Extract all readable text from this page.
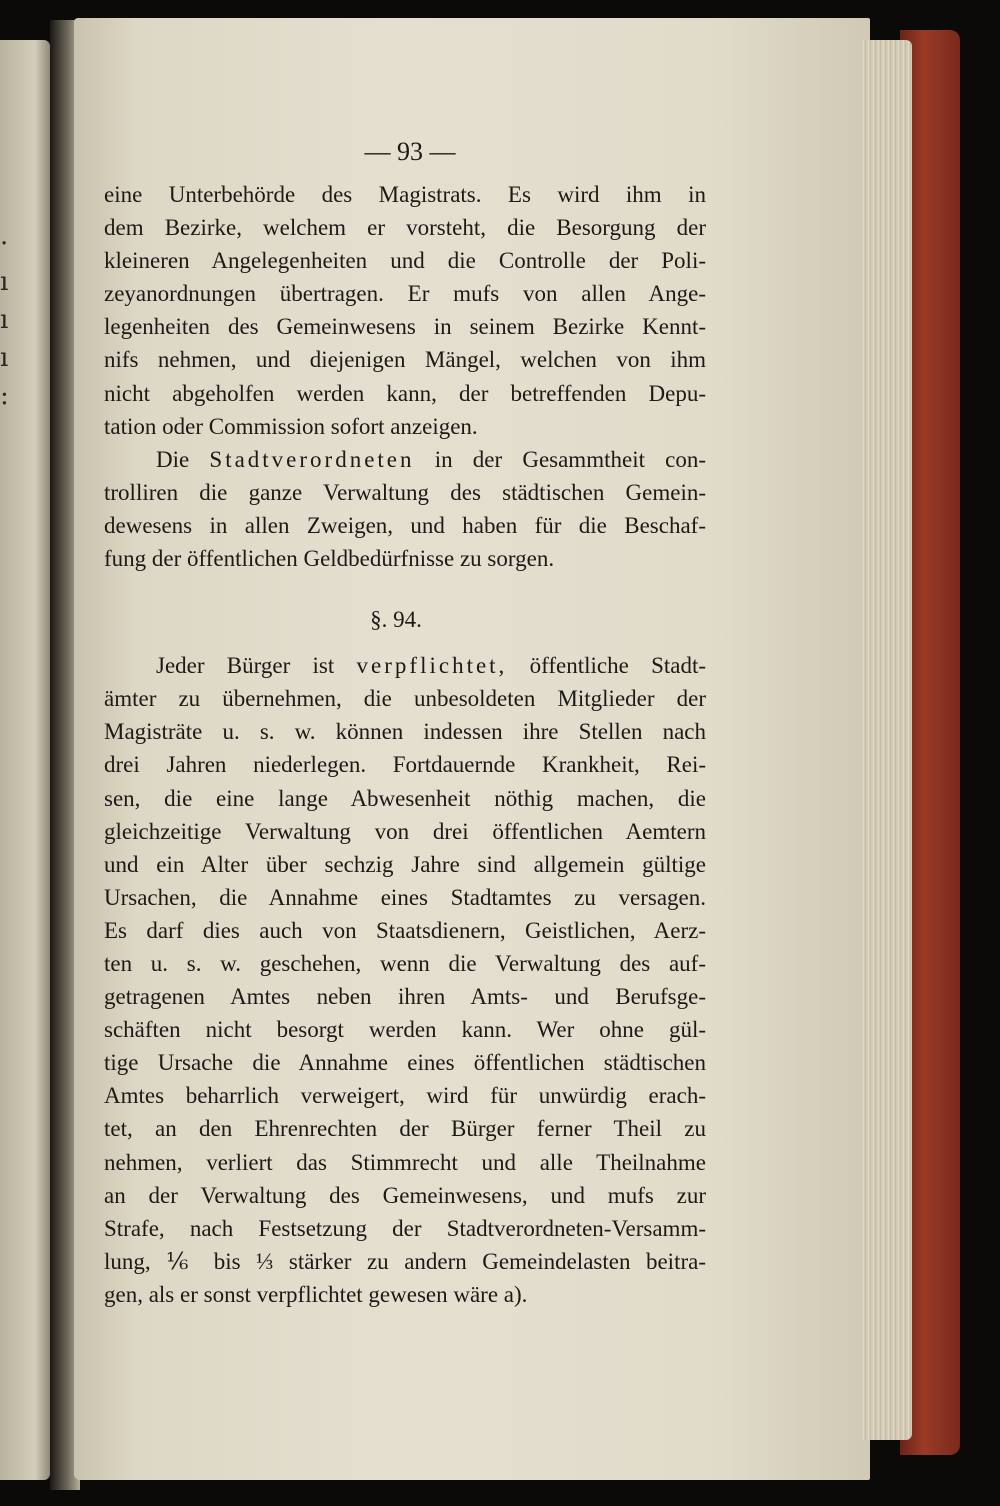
·
ı
ı
ı
:
— 93 —
eine Unterbehörde des Magistrats. Es wird ihm in
dem Bezirke, welchem er vorsteht, die Besorgung der
kleineren Angelegenheiten und die Controlle der Poli-
zeyanordnungen übertragen. Er mufs von allen Ange-
legenheiten des Gemeinwesens in seinem Bezirke Kennt-
nifs nehmen, und diejenigen Mängel, welchen von ihm
nicht abgeholfen werden kann, der betreffenden Depu-
tation oder Commission sofort anzeigen.
Die Stadtverordneten in der Gesammtheit con-
trolliren die ganze Verwaltung des städtischen Gemein-
dewesens in allen Zweigen, und haben für die Beschaf-
fung der öffentlichen Geldbedürfnisse zu sorgen.
§. 94.
Jeder Bürger ist verpflichtet, öffentliche Stadt-
ämter zu übernehmen, die unbesoldeten Mitglieder der
Magisträte u. s. w. können indessen ihre Stellen nach
drei Jahren niederlegen. Fortdauernde Krankheit, Rei-
sen, die eine lange Abwesenheit nöthig machen, die
gleichzeitige Verwaltung von drei öffentlichen Aemtern
und ein Alter über sechzig Jahre sind allgemein gültige
Ursachen, die Annahme eines Stadtamtes zu versagen.
Es darf dies auch von Staatsdienern, Geistlichen, Aerz-
ten u. s. w. geschehen, wenn die Verwaltung des auf-
getragenen Amtes neben ihren Amts- und Berufsge-
schäften nicht besorgt werden kann. Wer ohne gül-
tige Ursache die Annahme eines öffentlichen städtischen
Amtes beharrlich verweigert, wird für unwürdig erach-
tet, an den Ehrenrechten der Bürger ferner Theil zu
nehmen, verliert das Stimmrecht und alle Theilnahme
an der Verwaltung des Gemeinwesens, und mufs zur
Strafe, nach Festsetzung der Stadtverordneten-Versamm-
lung, ⅙ bis ⅓ stärker zu andern Gemeindelasten beitra-
gen, als er sonst verpflichtet gewesen wäre a).
